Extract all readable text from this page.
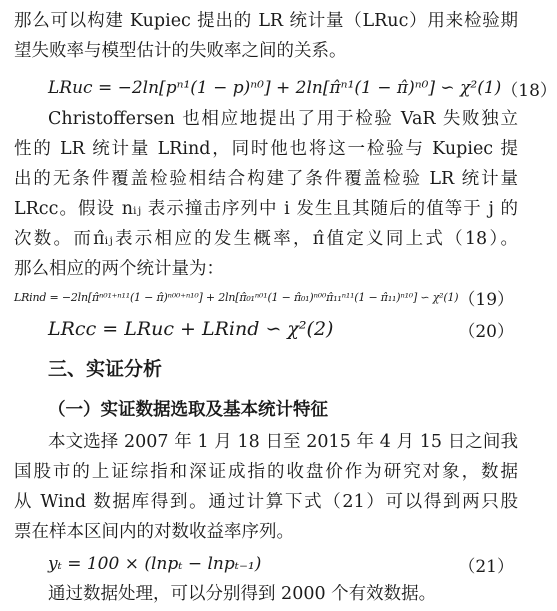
那么可以构建 Kupiec 提出的 LR 统计量（LRuc）用来检验期
望失败率与模型估计的失败率之间的关系。
LRuc = −2ln[pⁿ¹(1 − p)ⁿ⁰] + 2ln[π̂ⁿ¹(1 − π̂)ⁿ⁰] ∽ χ²(1) （18）
Christoffersen 也相应地提出了用于检验 VaR 失败独立
性的 LR 统计量 LRind，同时他也将这一检验与 Kupiec 提
出的无条件覆盖检验相结合构建了条件覆盖检验 LR 统计量
LRcc。假设 nᵢⱼ 表示撞击序列中 i 发生且其随后的值等于 j 的
次数。而π̂ᵢⱼ表示相应的发生概率，π̂值定义同上式（18）。
那么相应的两个统计量为：
LRind = −2ln[π̂ⁿ⁰¹⁺ⁿ¹¹(1 − π̂)ⁿ⁰⁰⁺ⁿ¹⁰] + 2ln[π̂₀₁ⁿ⁰¹(1 − π̂₀₁)ⁿ⁰⁰π̂₁₁ⁿ¹¹(1 − π̂₁₁)ⁿ¹⁰] ∽ χ²(1) （19）
LRcc = LRuc + LRind ∽ χ²(2)	（20）
三、实证分析
（一）实证数据选取及基本统计特征
本文选择 2007 年 1 月 18 日至 2015 年 4 月 15 日之间我
国股市的上证综指和深证成指的收盘价作为研究对象，数据
从 Wind 数据库得到。通过计算下式（21）可以得到两只股
票在样本区间内的对数收益率序列。
yₜ = 100 × (lnpₜ − lnpₜ₋₁)	（21）
通过数据处理，可以分别得到 2000 个有效数据。
